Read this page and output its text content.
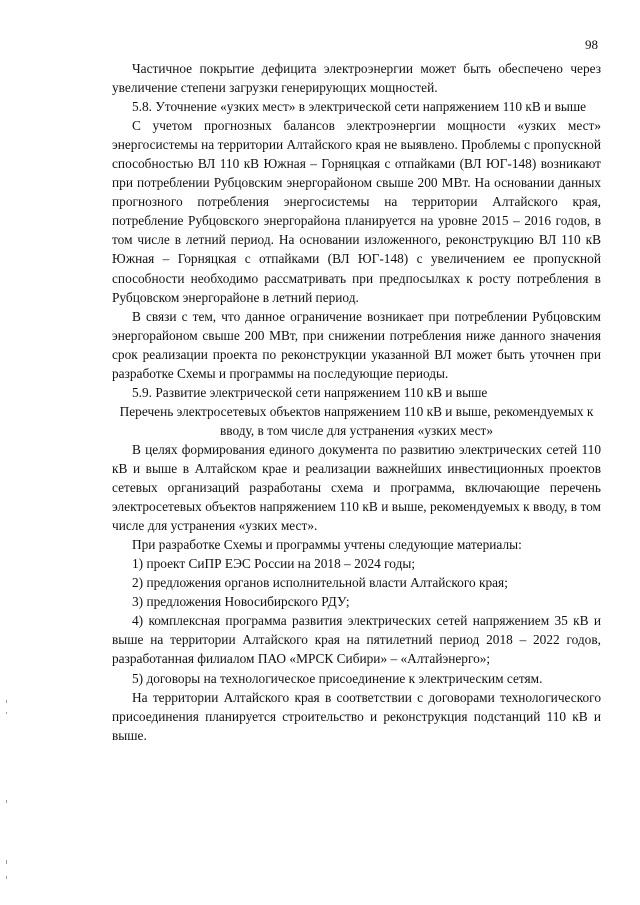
98

Частичное покрытие дефицита электроэнергии может быть обеспечено через увеличение степени загрузки генерирующих мощностей.

5.8. Уточнение «узких мест» в электрической сети напряжением 110 кВ и выше

С учетом прогнозных балансов электроэнергии мощности «узких мест» энергосистемы на территории Алтайского края не выявлено. Проблемы с пропускной способностью ВЛ 110 кВ Южная – Горняцкая с отпайками (ВЛ ЮГ-148) возникают при потреблении Рубцовским энергорайоном свыше 200 МВт. На основании данных прогнозного потребления энергосистемы на территории Алтайского края, потребление Рубцовского энергорайона планируется на уровне 2015 – 2016 годов, в том числе в летний период. На основании изложенного, реконструкцию ВЛ 110 кВ Южная – Горняцкая с отпайками (ВЛ ЮГ-148) с увеличением ее пропускной способности необходимо рассматривать при предпосылках к росту потребления в Рубцовском энергорайоне в летний период.

В связи с тем, что данное ограничение возникает при потреблении Рубцовским энергорайоном свыше 200 МВт, при снижении потребления ниже данного значения срок реализации проекта по реконструкции указанной ВЛ может быть уточнен при разработке Схемы и программы на последующие периоды.

5.9. Развитие электрической сети напряжением 110 кВ и выше

Перечень электросетевых объектов напряжением 110 кВ и выше, рекомендуемых к вводу, в том числе для устранения «узких мест»

В целях формирования единого документа по развитию электрических сетей 110 кВ и выше в Алтайском крае и реализации важнейших инвестиционных проектов сетевых организаций разработаны схема и программа, включающие перечень электросетевых объектов напряжением 110 кВ и выше, рекомендуемых к вводу, в том числе для устранения «узких мест».

При разработке Схемы и программы учтены следующие материалы:

1) проект СиПР ЕЭС России на 2018 – 2024 годы;

2) предложения органов исполнительной власти Алтайского края;

3) предложения Новосибирского РДУ;

4) комплексная программа развития электрических сетей напряжением 35 кВ и выше на территории Алтайского края на пятилетний период 2018 – 2022 годов, разработанная филиалом ПАО «МРСК Сибири» – «Алтайэнерго»;

5) договоры на технологическое присоединение к электрическим сетям.

На территории Алтайского края в соответствии с договорами технологического присоединения планируется строительство и реконструкция подстанций 110 кВ и выше.
